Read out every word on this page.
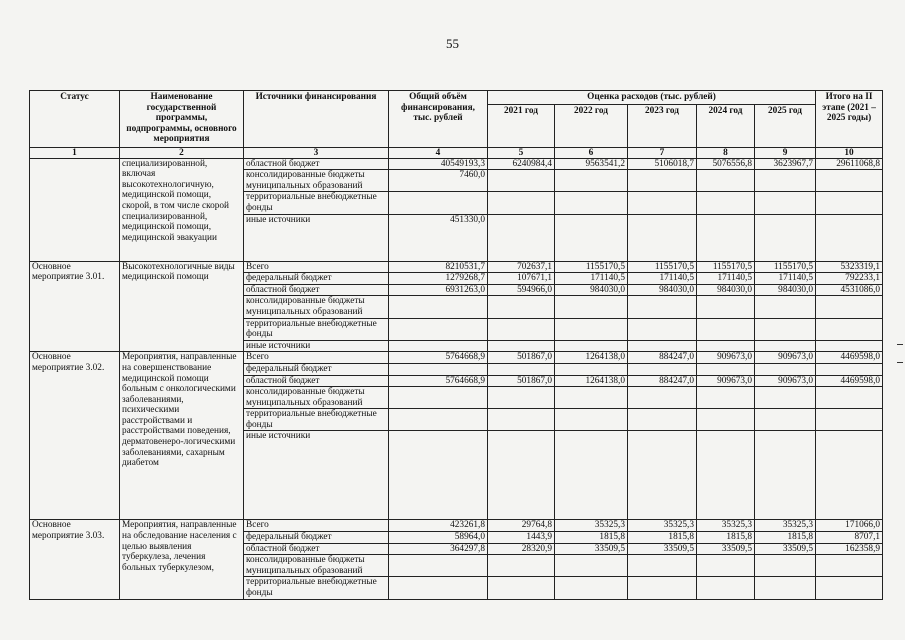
55
Статус	Наименование государственной программы, подпрограммы, основного мероприятия	Источники финансирования	Общий объём финансирования, тыс. рублей	Оценка расходов (тыс. рублей)					Итого на II этапе (2021 – 2025 годы)
				2021 год	2022 год	2023 год	2024 год	2025 год	
1	2	3	4	5	6	7	8	9	10
	специализированной, включая высокотехнологичную, медицинской помощи, скорой, в том числе скорой специализированной, медицинской помощи, медицинской эвакуации	областной бюджет	40549193,3	6240984,4	9563541,2	5106018,7	5076556,8	3623967,7	29611068,8
		консолидированные бюджеты муниципальных образований	7460,0						
		территориальные внебюджетные фонды							
		иные источники	451330,0						
Основное мероприятие 3.01.	Высокотехнологичные виды медицинской помощи	Всего	8210531,7	702637,1	1155170,5	1155170,5	1155170,5	1155170,5	5323319,1
		федеральный бюджет	1279268,7	107671,1	171140,5	171140,5	171140,5	171140,5	792233,1
		областной бюджет	6931263,0	594966,0	984030,0	984030,0	984030,0	984030,0	4531086,0
		консолидированные бюджеты муниципальных образований							
		территориальные внебюджетные фонды							
		иные источники							
Основное мероприятие 3.02.	Мероприятия, направленные на совершенствование медицинской помощи больным с онкологическими заболеваниями, психическими расстройствами и расстройствами поведения, дерматовенеро-логическими заболеваниями, сахарным диабетом	Всего	5764668,9	501867,0	1264138,0	884247,0	909673,0	909673,0	4469598,0
		федеральный бюджет							
		областной бюджет	5764668,9	501867,0	1264138,0	884247,0	909673,0	909673,0	4469598,0
		консолидированные бюджеты муниципальных образований							
		территориальные внебюджетные фонды							
		иные источники							
Основное мероприятие 3.03.	Мероприятия, направленные на обследование населения с целью выявления туберкулеза, лечения больных туберкулезом,	Всего	423261,8	29764,8	35325,3	35325,3	35325,3	35325,3	171066,0
		федеральный бюджет	58964,0	1443,9	1815,8	1815,8	1815,8	1815,8	8707,1
		областной бюджет	364297,8	28320,9	33509,5	33509,5	33509,5	33509,5	162358,9
		консолидированные бюджеты муниципальных образований							
		территориальные внебюджетные фонды							
